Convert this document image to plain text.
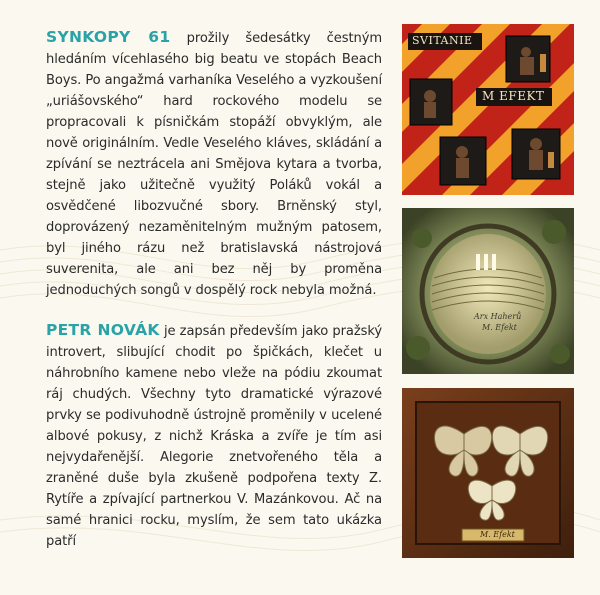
SYNKOPY 61 prožily šedesátky čestným hledáním vícehlasého big beatu ve stopách Beach Boys. Po angažmá varhaníka Veselého a vyzkoušení „uriášovského“ hard rockového modelu se propracovali k písničkám stopáží obvyklým, ale nově originálním. Vedle Veselého kláves, skládání a zpívání se neztrácela ani Smějova kytara a tvorba, stejně jako užitečně využitý Poláků vokál a osvědčené libozvučné sbory. Brněnský styl, doprovázený nezaměnitelným mužným patosem, byl jiného rázu než bratislavská nástrojová suverenita, ale ani bez něj by proměna jednoduchých songů v dospělý rock nebyla možná.

PETR NOVÁK je zapsán především jako pražský introvert, slibující chodit po špičkách, klečet u náhrobního kamene nebo vleže na pódiu zkoumat ráj chudých. Všechny tyto dramatické výrazové prvky se podivuhodně ústrojně proměnily v ucelené albové pokusy, z nichž Kráska a zvíře je tím asi nejvydařenější. Alegorie znetvořeného těla a zraněné duše byla zkušeně podpořena texty Z. Rytíře a zpívající partnerkou V. Mazánkovou. Ač na samé hranici rocku, myslím, že sem tato ukázka patří

SVITANIE
M EFEKT
Arx Haherů
M. Efekt
M. Efekt
